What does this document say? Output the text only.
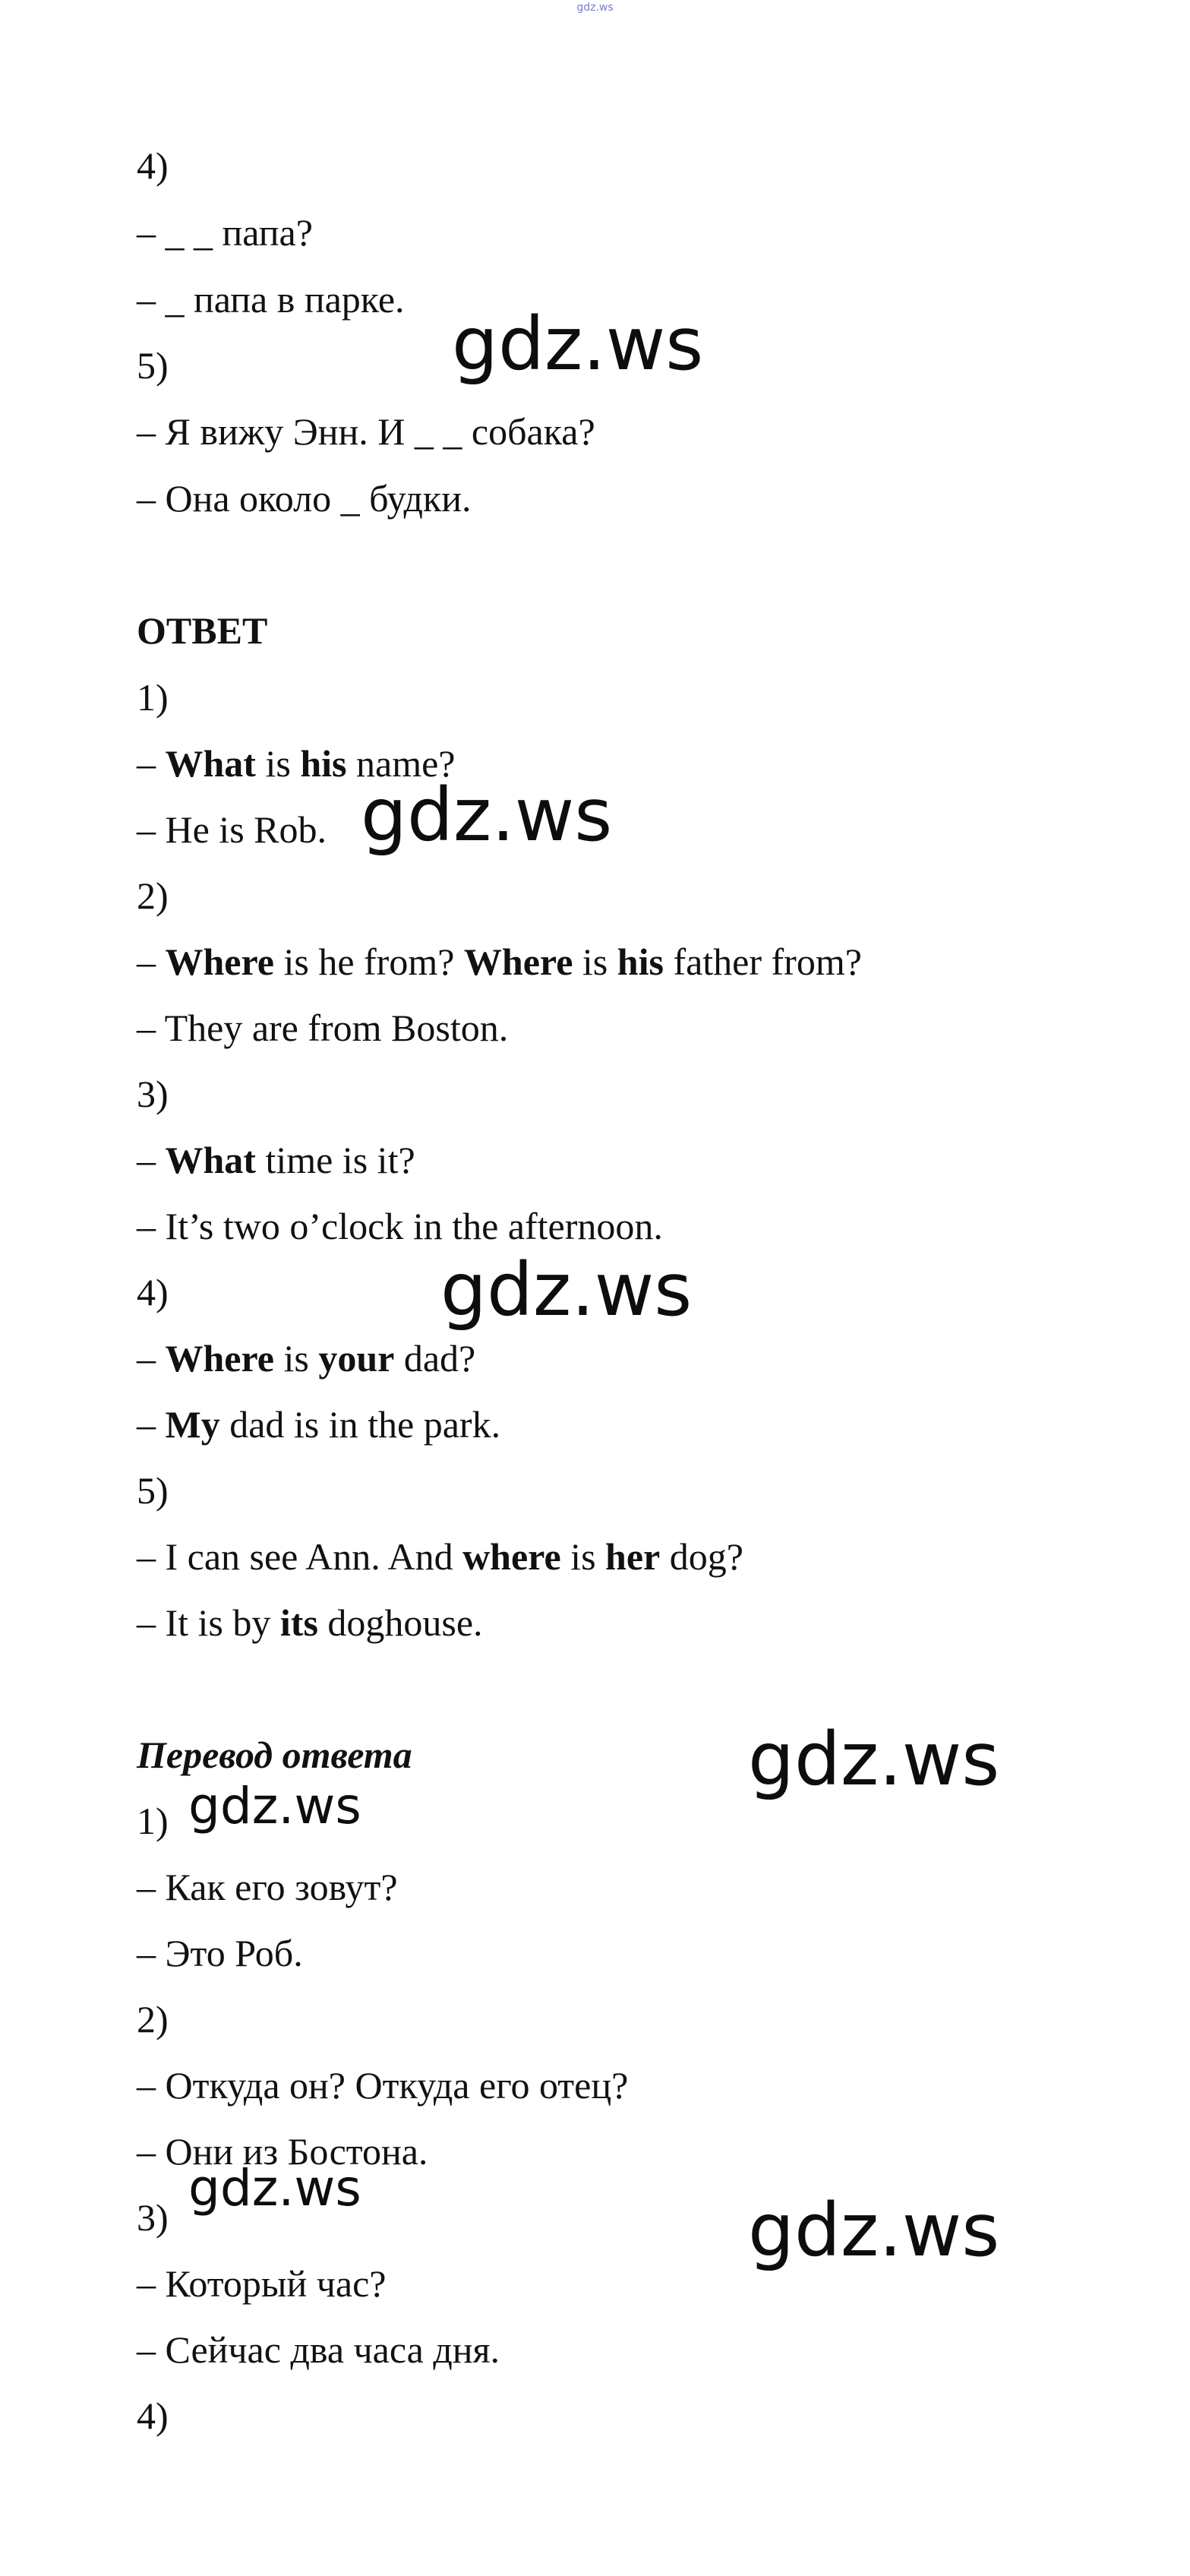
gdz.ws
4)
– _ _ папа?
– _ папа в парке.
5)
– Я вижу Энн. И _ _ собака?
– Она около _ будки.
ОТВЕТ
1)
– What is his name?
– He is Rob.
2)
– Where is he from? Where is his father from?
– They are from Boston.
3)
– What time is it?
– It’s two o’clock in the afternoon.
4)
– Where is your dad?
– My dad is in the park.
5)
– I can see Ann. And where is her dog?
– It is by its doghouse.
Перевод ответа
1)
– Как его зовут?
– Это Роб.
2)
– Откуда он? Откуда его отец?
– Они из Бостона.
3)
– Который час?
– Сейчас два часа дня.
4)
gdz.ws
gdz.ws
gdz.ws
gdz.ws
gdz.ws
gdz.ws	gdz.ws
